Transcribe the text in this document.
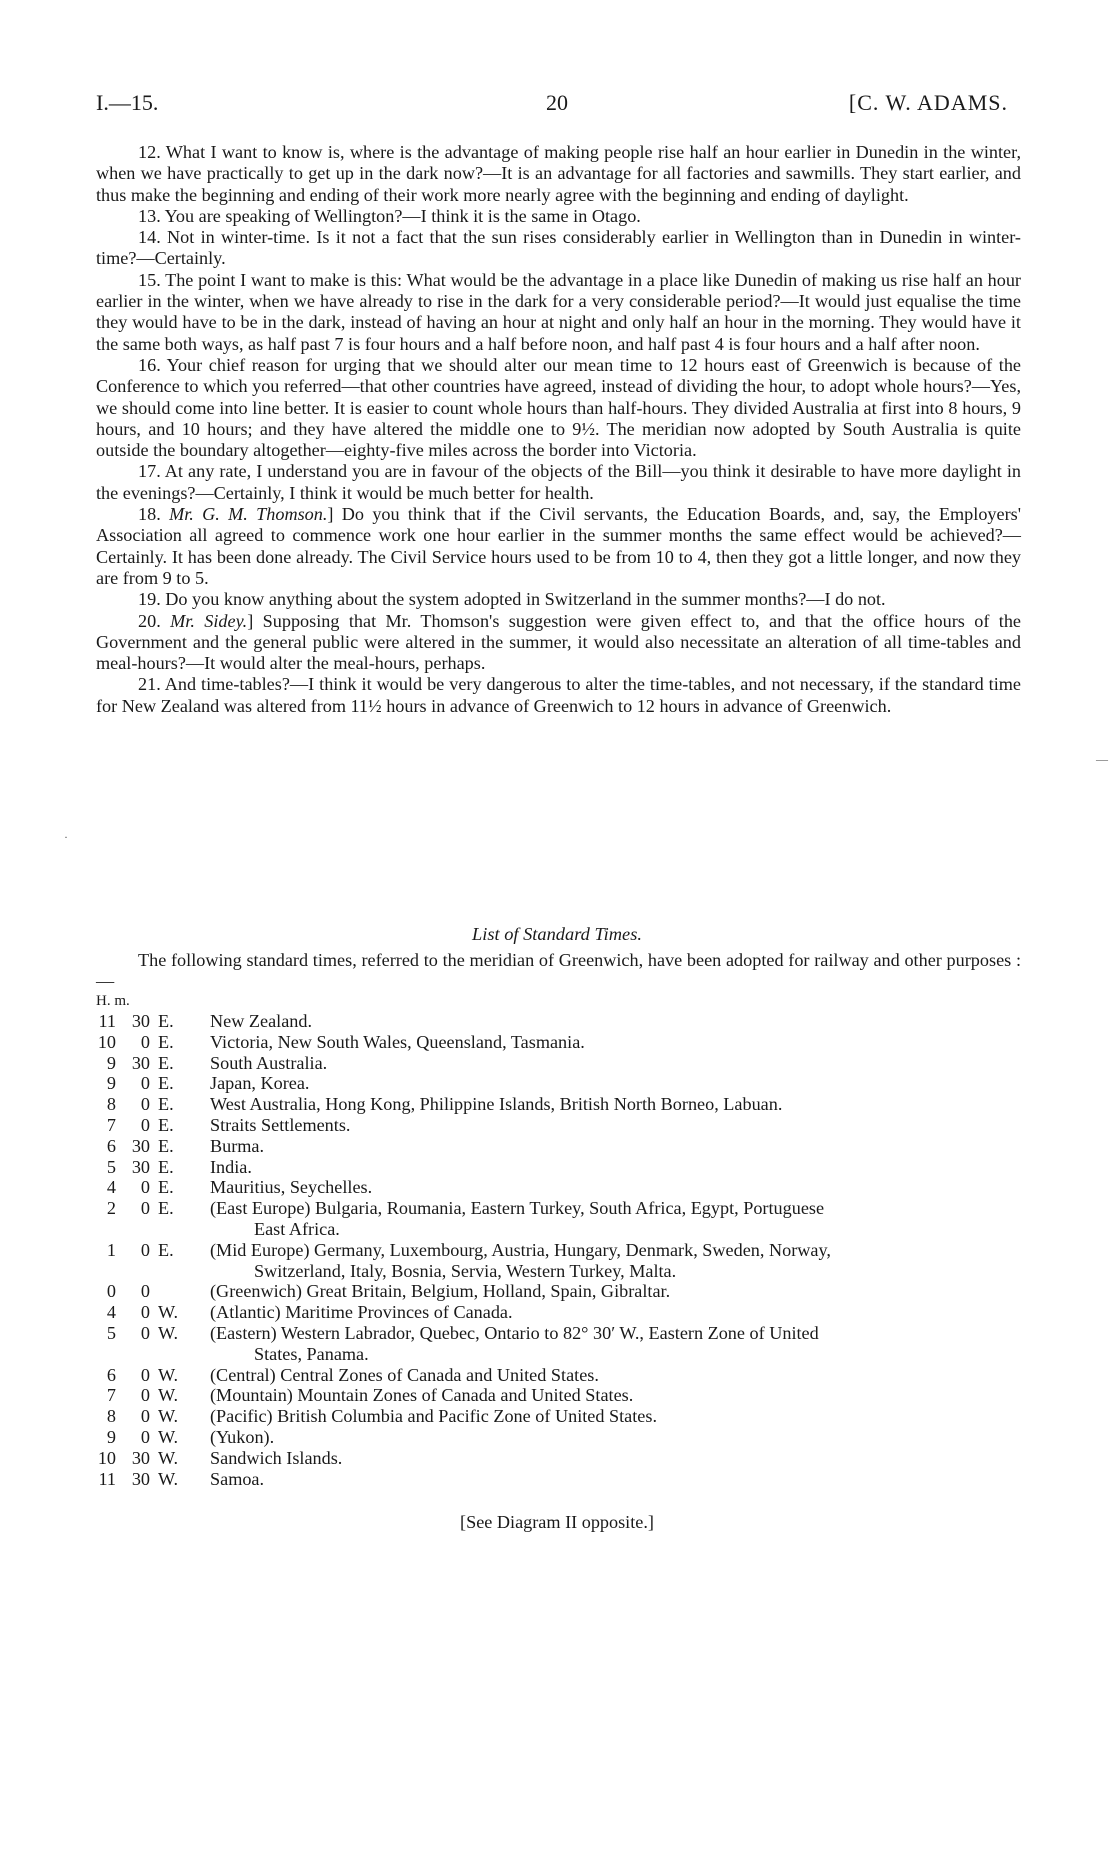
I.—15.	20	[C. W. ADAMS.

12. What I want to know is, where is the advantage of making people rise half an hour earlier in Dunedin in the winter, when we have practically to get up in the dark now?—It is an advantage for all factories and sawmills. They start earlier, and thus make the beginning and ending of their work more nearly agree with the beginning and ending of daylight.

13. You are speaking of Wellington?—I think it is the same in Otago.

14. Not in winter-time. Is it not a fact that the sun rises considerably earlier in Wellington than in Dunedin in winter-time?—Certainly.

15. The point I want to make is this: What would be the advantage in a place like Dunedin of making us rise half an hour earlier in the winter, when we have already to rise in the dark for a very considerable period?—It would just equalise the time they would have to be in the dark, instead of having an hour at night and only half an hour in the morning. They would have it the same both ways, as half past 7 is four hours and a half before noon, and half past 4 is four hours and a half after noon.

16. Your chief reason for urging that we should alter our mean time to 12 hours east of Greenwich is because of the Conference to which you referred—that other countries have agreed, instead of dividing the hour, to adopt whole hours?—Yes, we should come into line better. It is easier to count whole hours than half-hours. They divided Australia at first into 8 hours, 9 hours, and 10 hours; and they have altered the middle one to 9½. The meridian now adopted by South Australia is quite outside the boundary altogether—eighty-five miles across the border into Victoria.

17. At any rate, I understand you are in favour of the objects of the Bill—you think it desirable to have more daylight in the evenings?—Certainly, I think it would be much better for health.

18. Mr. G. M. Thomson.] Do you think that if the Civil servants, the Education Boards, and, say, the Employers' Association all agreed to commence work one hour earlier in the summer months the same effect would be achieved?—Certainly. It has been done already. The Civil Service hours used to be from 10 to 4, then they got a little longer, and now they are from 9 to 5.

19. Do you know anything about the system adopted in Switzerland in the summer months?—I do not.

20. Mr. Sidey.] Supposing that Mr. Thomson's suggestion were given effect to, and that the office hours of the Government and the general public were altered in the summer, it would also necessitate an alteration of all time-tables and meal-hours?—It would alter the meal-hours, perhaps.

21. And time-tables?—I think it would be very dangerous to alter the time-tables, and not necessary, if the standard time for New Zealand was altered from 11½ hours in advance of Greenwich to 12 hours in advance of Greenwich.

List of Standard Times.
The following standard times, referred to the meridian of Greenwich, have been adopted for railway and other purposes :—
H. m.
11 30 E.	New Zealand.
10	0 E.	Victoria, New South Wales, Queensland, Tasmania.
9 30 E.	South Australia.
9	0 E.	Japan, Korea.
8	0 E.	West Australia, Hong Kong, Philippine Islands, British North Borneo, Labuan.
7	0 E.	Straits Settlements.
6 30 E.	Burma.
5 30 E.	India.
4	0 E.	Mauritius, Seychelles.
2	0 E.	(East Europe) Bulgaria, Roumania, Eastern Turkey, South Africa, Egypt, Portuguese
East Africa.
1	0 E.	(Mid Europe) Germany, Luxembourg, Austria, Hungary, Denmark, Sweden, Norway,
Switzerland, Italy, Bosnia, Servia, Western Turkey, Malta.
0	0	(Greenwich) Great Britain, Belgium, Holland, Spain, Gibraltar.
4	0 W.	(Atlantic) Maritime Provinces of Canada.
5	0 W.	(Eastern) Western Labrador, Quebec, Ontario to 82° 30′ W., Eastern Zone of United
States, Panama.
6	0 W.	(Central) Central Zones of Canada and United States.
7	0 W.	(Mountain) Mountain Zones of Canada and United States.
8	0 W.	(Pacific) British Columbia and Pacific Zone of United States.
9	0 W.	(Yukon).
10 30 W.	Sandwich Islands.
11 30 W.	Samoa.
[See Diagram II opposite.]
·
—
